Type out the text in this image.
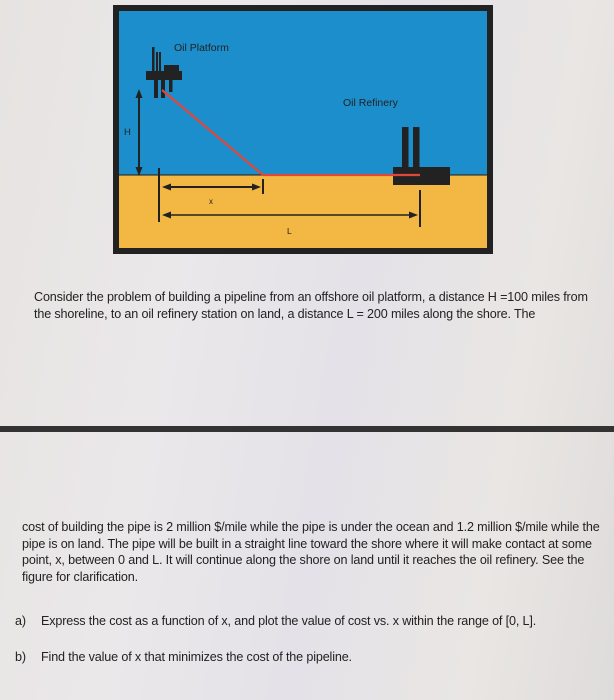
Oil Platform
Oil Refinery
H
x
L
Consider the problem of building a pipeline from an offshore oil platform, a distance H =100 miles from the shoreline, to an oil refinery station on land, a distance L = 200 miles along the shore. The
cost of building the pipe is 2 million $/mile while the pipe is under the ocean and 1.2 million $/mile while the pipe is on land. The pipe will be built in a straight line toward the shore where it will make contact at some point, x, between 0 and L. It will continue along the shore on land until it reaches the oil refinery. See the figure for clarification.
a) Express the cost as a function of x, and plot the value of cost vs. x within the range of [0, L].
b) Find the value of x that minimizes the cost of the pipeline.
